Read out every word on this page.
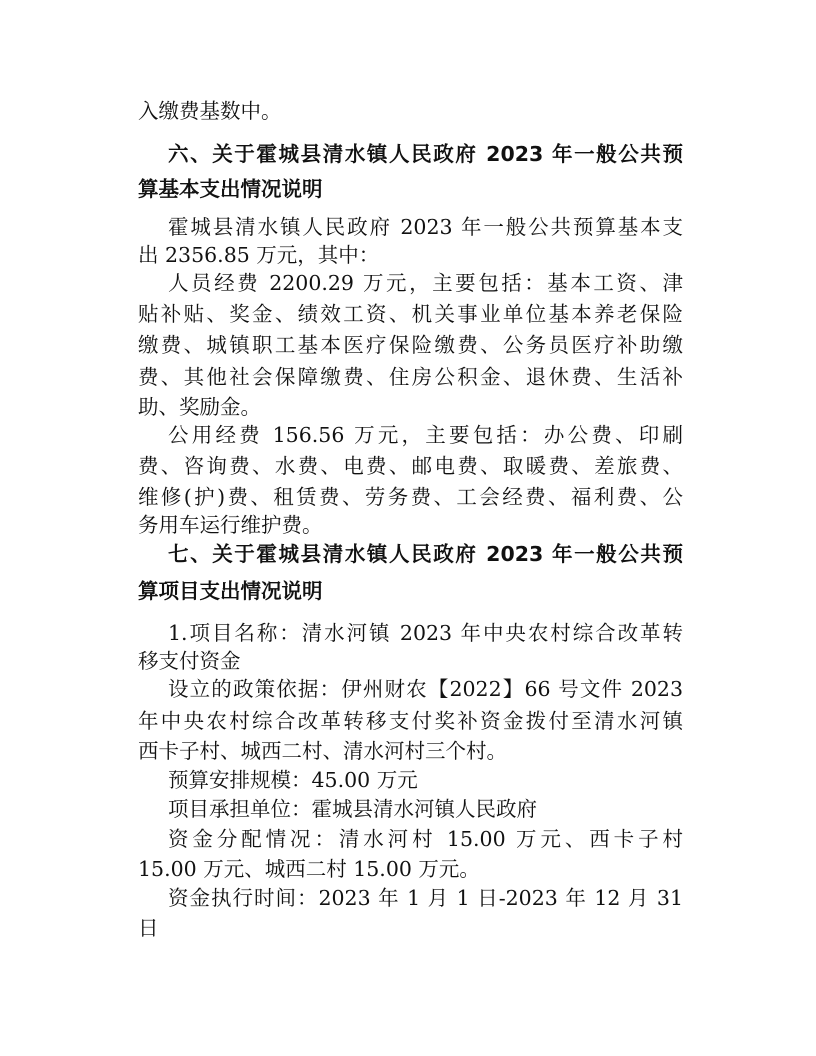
入缴费基数中。
六、关于霍城县清水镇人民政府 2023 年一般公共预
算基本支出情况说明
霍城县清水镇人民政府 2023 年一般公共预算基本支
出 2356.85 万元，其中：
人员经费 2200.29 万元，主要包括：基本工资、津
贴补贴、奖金、绩效工资、机关事业单位基本养老保险
缴费、城镇职工基本医疗保险缴费、公务员医疗补助缴
费、其他社会保障缴费、住房公积金、退休费、生活补
助、奖励金。
公用经费 156.56 万元，主要包括：办公费、印刷
费、咨询费、水费、电费、邮电费、取暖费、差旅费、
维修(护)费、租赁费、劳务费、工会经费、福利费、公
务用车运行维护费。
七、关于霍城县清水镇人民政府 2023 年一般公共预
算项目支出情况说明
1.项目名称：清水河镇 2023 年中央农村综合改革转
移支付资金
设立的政策依据：伊州财农【2022】66 号文件 2023
年中央农村综合改革转移支付奖补资金拨付至清水河镇
西卡子村、城西二村、清水河村三个村。
预算安排规模：45.00 万元
项目承担单位：霍城县清水河镇人民政府
资金分配情况：清水河村 15.00 万元、西卡子村
15.00 万元、城西二村 15.00 万元。
资金执行时间：2023 年 1 月 1 日-2023 年 12 月 31
日
